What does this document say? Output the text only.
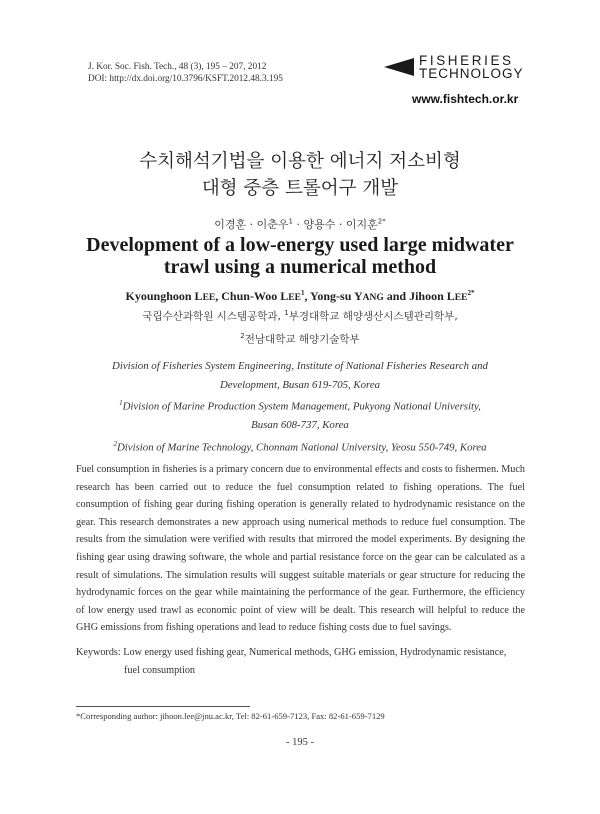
J. Kor. Soc. Fish. Tech., 48 (3), 195 – 207, 2012
DOI: http://dx.doi.org/10.3796/KSFT.2012.48.3.195
FISHERIES
TECHNOLOGY
www.fishtech.or.kr
수치해석기법을 이용한 에너지 저소비형
대형 중층 트롤어구 개발
이경훈 · 이춘우$^1$ · 양용수 · 이지훈$^{2*}$
Development of a low-energy used large midwater
trawl using a numerical method
Kyounghoon LEE, Chun-Woo LEE$^1$, Yong-su YANG and Jihoon $LEE^{2*}$
국립수산과학원 시스템공학과, $^1$부경대학교 해양생산시스템관리학부,
$^2$전남대학교 해양기술학부
Division of Fisheries System Engineering, Institute of National Fisheries Research and
Development, Busan 619-705, Korea
$^1$Division of Marine Production System Management, Pukyong National University,
Busan 608-737, Korea
$^2$Division of Marine Technology, Chonnam National University, Yeosu 550-749, Korea
Fuel consumption in fisheries is a primary concern due to environmental effects and costs to fishermen. Much research has been carried out to reduce the fuel consumption related to fishing operations. The fuel consumption of fishing gear during fishing operation is generally related to hydrodynamic resistance on the gear. This research demonstrates a new approach using numerical methods to reduce fuel consumption. The results from the simulation were verified with results that mirrored the model experiments. By designing the fishing gear using drawing software, the whole and partial resistance force on the gear can be calculated as a result of simulations. The simulation results will suggest suitable materials or gear structure for reducing the hydrodynamic forces on the gear while maintaining the performance of the gear. Furthermore, the efficiency of low energy used trawl as economic point of view will be dealt. This research will helpful to reduce the GHG emissions from fishing operations and lead to reduce fishing costs due to fuel savings.
Keywords: Low energy used fishing gear, Numerical methods, GHG emission, Hydrodynamic resistance,
fuel consumption
*Corresponding author: jihoon.lee@jnu.ac.kr, Tel: 82-61-659-7123, Fax: 82-61-659-7129
- 195 -
